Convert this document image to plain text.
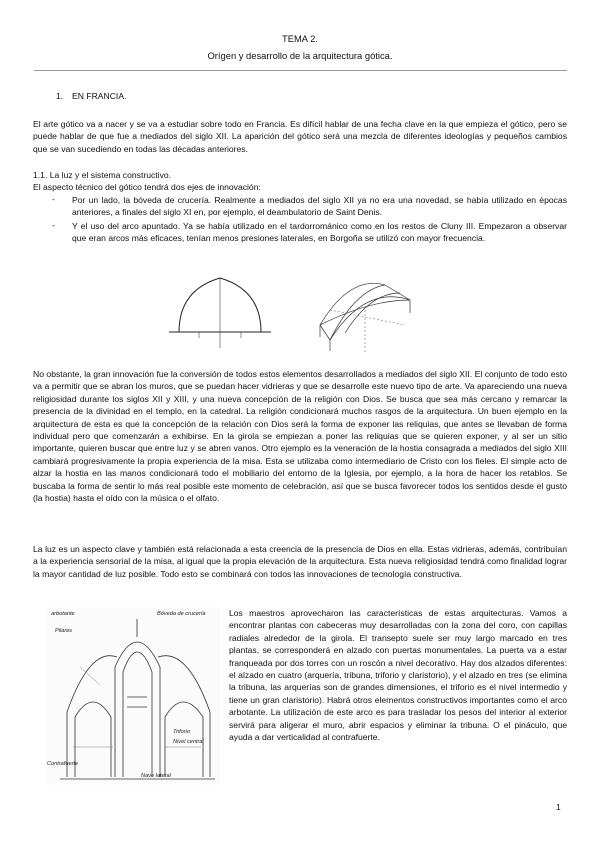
TEMA 2.
Orígen y desarrollo de la arquitectura gótica.
1. EN FRANCIA.
El arte gótico va a nacer y se va a estudiar sobre todo en Francia. Es difícil hablar de una fecha clave en la que empieza el gótico, pero se puede hablar de que fue a mediados del siglo XII. La aparición del gótico será una mezcla de diferentes ideologías y pequeños cambios que se van sucediendo en todas las décadas anteriores.
1.1. La luz y el sistema constructivo.
El aspecto técnico del gótico tendrá dos ejes de innovación:
- Por un lado, la bóveda de crucería. Realmente a mediados del siglo XII ya no era una novedad, se había utilizado en épocas anteriores, a finales del siglo XI en, por ejemplo, el deambulatorio de Saint Denis.
- Y el uso del arco apuntado. Ya se había utilizado en el tardorrománico como en los restos de Cluny III. Empezaron a observar que eran arcos más eficaces, tenían menos presiones laterales, en Borgoña se utilizó con mayor frecuencia.
No obstante, la gran innovación fue la conversión de todos estos elementos desarrollados a mediados del siglo XII. El conjunto de todo esto va a permitir que se abran los muros, que se puedan hacer vidrieras y que se desarrolle este nuevo tipo de arte. Va apareciendo una nueva religiosidad durante los siglos XII y XIII, y una nueva concepción de la religión con Dios. Se busca que sea más cercano y remarcar la presencia de la divinidad en el templo, en la catedral. La religión condicionará muchos rasgos de la arquitectura. Un buen ejemplo en la arquitectura de esta es que la concepción de la relación con Dios será la forma de exponer las reliquias, que antes se llevaban de forma individual pero que comenzarán a exhibirse. En la girola se empiezan a poner las reliquias que se quieren exponer, y al ser un sitio importante, quieren buscar que entre luz y se abren vanos. Otro ejemplo es la veneración de la hostia consagrada a mediados del siglo XIII cambiará progresivamente la propia experiencia de la misa. Esta se utilizaba como intermediario de Cristo con los fieles. El simple acto de alzar la hostia en las manos condicionará todo el mobiliario del entorno de la Iglesia, por ejemplo, a la hora de hacer los retablos. Se buscaba la forma de sentir lo más real posible este momento de celebración, así que se busca favorecer todos los sentidos desde el gusto (la hostia) hasta el oído con la música o el olfato.
La luz es un aspecto clave y también está relacionada a esta creencia de la presencia de Dios en ella. Estas vidrieras, además, contribuían a la experiencia sensorial de la misa, al igual que la propia elevación de la arquitectura. Esta nueva religiosidad tendrá como finalidad lograr la mayor cantidad de luz posible. Todo esto se combinará con todos las innovaciones de tecnología constructiva.
arbotante
Pilares
Bóveda de crucería
Triforio
Nivel central
Contrafuerte
Nave lateral
Los maestros aprovecharon las características de estas arquitecturas. Vamos a encontrar plantas con cabeceras muy desarrolladas con la zona del coro, con capillas radiales alrededor de la girola. El transepto suele ser muy largo marcado en tres plantas, se corresponderá en alzado con puertas monumentales. La puerta va a estar franqueada por dos torres con un roscón a nivel decorativo. Hay dos alzados diferentes: el alzado en cuatro (arquería, tribuna, triforio y claristorio), y el alzado en tres (se elimina la tribuna, las arquerías son de grandes dimensiones, el triforio es el nivel intermedio y tiene un gran claristorio). Habrá otros elementos constructivos importantes como el arco arbotante. La utilización de este arco es para trasladar los pesos del interior al exterior servirá para aligerar el muro, abrir espacios y eliminar la tribuna. O el pináculo, que ayuda a dar verticalidad al contrafuerte.
1
